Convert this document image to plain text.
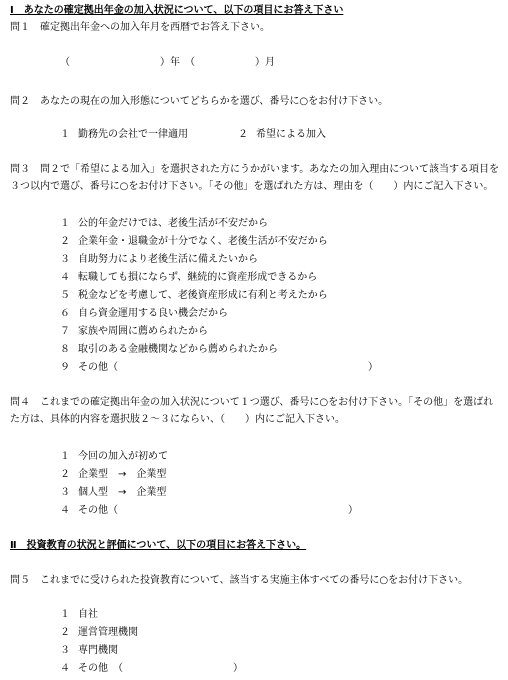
Ⅰ　あなたの確定拠出年金の加入状況について、以下の項目にお答え下さい
問１　確定拠出年金への加入年月を西暦でお答え下さい。
（　　　　　　　　　）年　（　　　　　　）月
問２　あなたの現在の加入形態についてどちらかを選び、番号に○をお付け下さい。
１ 勤務先の会社で一律適用	２ 希望による加入
問３　問２で「希望による加入」を選択された方にうかがいます。あなたの加入理由について該当する項目を３つ以内で選び、番号に○をお付け下さい。「その他」を選ばれた方は、理由を（　　）内にご記入下さい。
１ 公的年金だけでは、老後生活が不安だから
２ 企業年金・退職金が十分でなく、老後生活が不安だから
３ 自助努力により老後生活に備えたいから
４ 転職しても損にならず、継続的に資産形成できるから
５ 税金などを考慮して、老後資産形成に有利と考えたから
６ 自ら資金運用する良い機会だから
７ 家族や周囲に薦められたから
８ 取引のある金融機関などから薦められたから
９ その他（　　　　　　　　　　　　　　　　　　　　　　　　　）
問４　これまでの確定拠出年金の加入状況について１つ選び、番号に○をお付け下さい。「その他」を選ばれた方は、具体的内容を選択肢２～３にならい、（　　）内にご記入下さい。
１ 今回の加入が初めて
２ 企業型　→　企業型
３ 個人型　→　企業型
４ その他（　　　　　　　　　　　　　　　　　　　　　　　）
Ⅱ　投資教育の状況と評価について、以下の項目にお答え下さい。
問５　これまでに受けられた投資教育について、該当する実施主体すべての番号に○をお付け下さい。
１ 自社
２ 運営管理機関
３ 専門機関
４ その他　（　　　　　　　　　　　）
